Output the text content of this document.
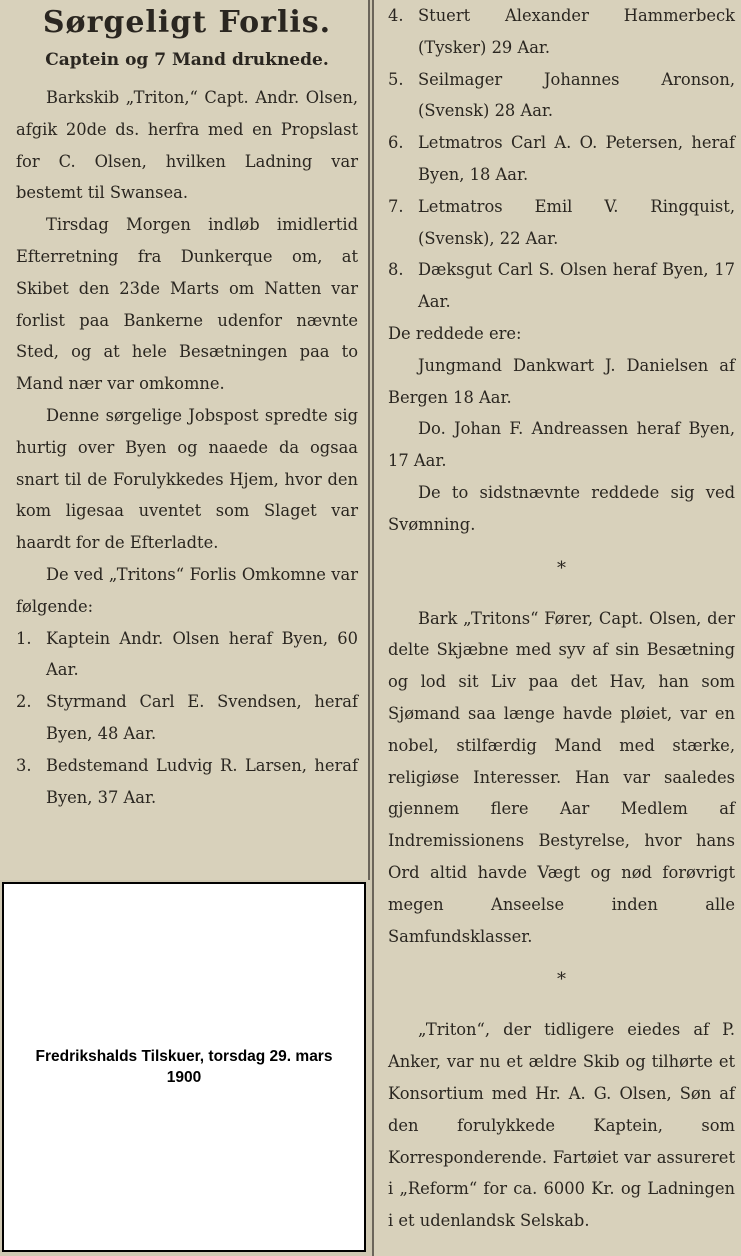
Sørgeligt Forlis.
Captein og 7 Mand druknede.

Barkskib „Triton,“ Capt. Andr. Olsen, afgik 20de ds. herfra med en Propslast for C. Olsen, hvilken Ladning var bestemt til Swansea.

Tirsdag Morgen indløb imidlertid Efterretning fra Dunkerque om, at Skibet den 23de Marts om Natten var forlist paa Bankerne udenfor nævnte Sted, og at hele Besætningen paa to Mand nær var omkomne.

Denne sørgelige Jobspost spredte sig hurtig over Byen og naaede da ogsaa snart til de Forulykkedes Hjem, hvor den kom ligesaa uventet som Slaget var haardt for de Efterladte.

De ved „Tritons“ Forlis Omkomne var følgende:

1. Kaptein Andr. Olsen heraf Byen, 60 Aar.
2. Styrmand Carl E. Svendsen, heraf Byen, 48 Aar.
3. Bedstemand Ludvig R. Larsen, heraf Byen, 37 Aar.
4. Stuert Alexander Hammerbeck (Tysker) 29 Aar.
5. Seilmager Johannes Aronson, (Svensk) 28 Aar.
6. Letmatros Carl A. O. Petersen, heraf Byen, 18 Aar.
7. Letmatros Emil V. Ringquist, (Svensk), 22 Aar.
8. Dæksgut Carl S. Olsen heraf Byen, 17 Aar.

De reddede ere:

Jungmand Dankwart J. Danielsen af Bergen 18 Aar.

Do. Johan F. Andreassen heraf Byen, 17 Aar.

De to sidstnævnte reddede sig ved Svømning.

*

Bark „Tritons“ Fører, Capt. Olsen, der delte Skjæbne med syv af sin Besætning og lod sit Liv paa det Hav, han som Sjømand saa længe havde pløiet, var en nobel, stilfærdig Mand med stærke, religiøse Interesser. Han var saaledes gjennem flere Aar Medlem af Indremissionens Bestyrelse, hvor hans Ord altid havde Vægt og nød forøvrigt megen Anseelse inden alle Samfundsklasser.

*

„Triton“, der tidligere eiedes af P. Anker, var nu et ældre Skib og tilhørte et Konsortium med Hr. A. G. Olsen, Søn af den forulykkede Kaptein, som Korresponderende. Fartøiet var assureret i „Reform“ for ca. 6000 Kr. og Ladningen i et udenlandsk Selskab.

Fredrikshalds Tilskuer, torsdag 29. mars 1900
